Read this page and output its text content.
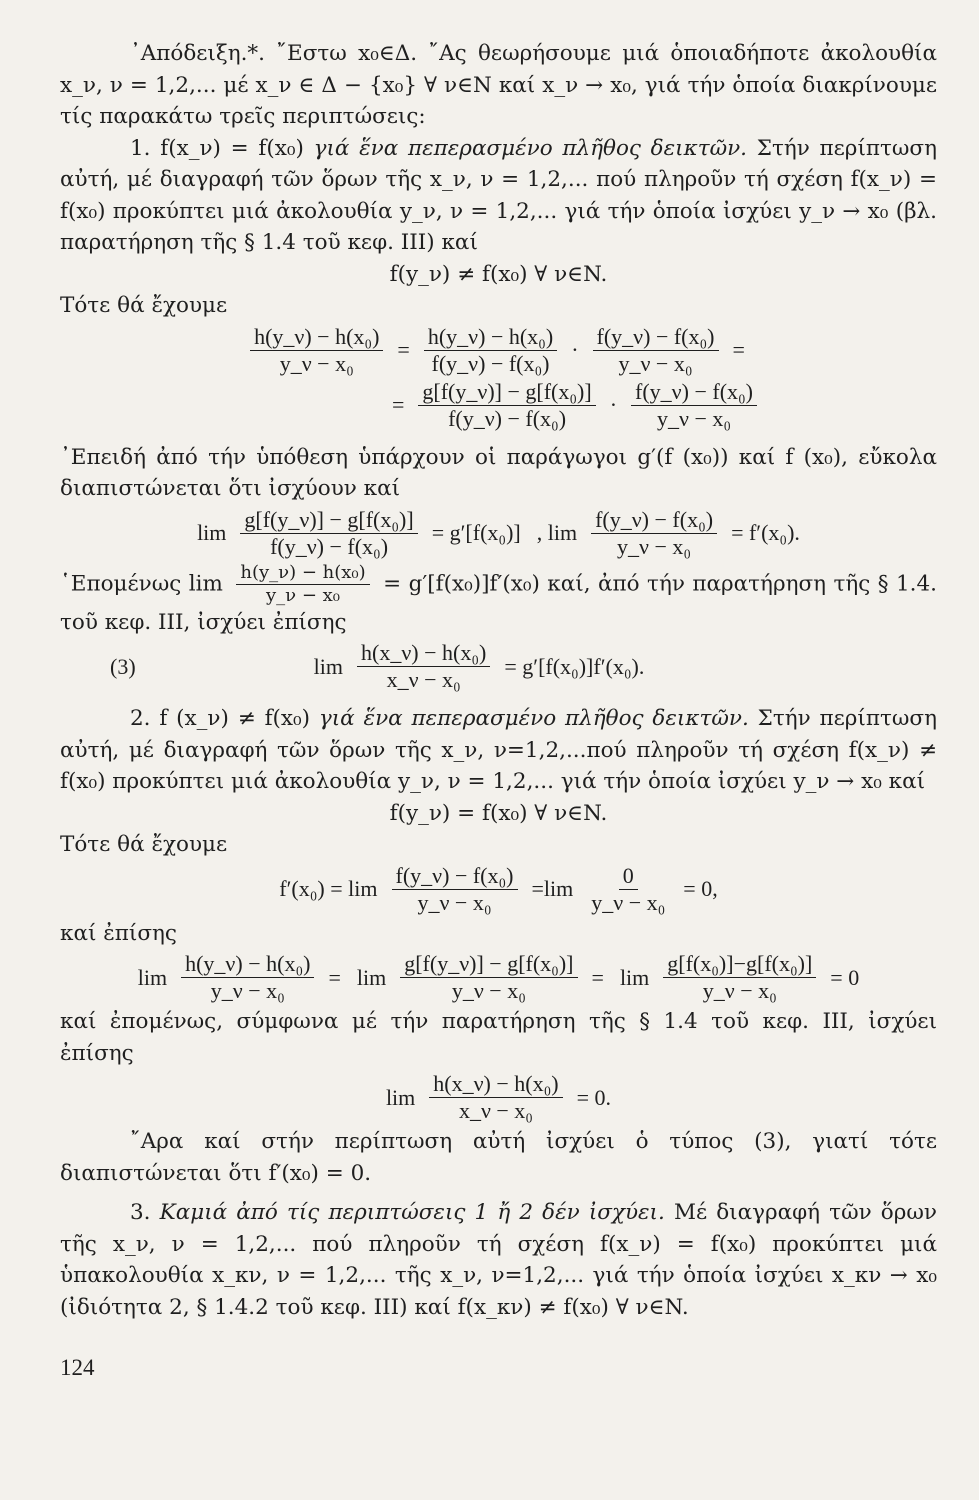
᾿Απόδειξη.*. ῎Εστω x₀∈Δ. ῎Ας θεωρήσουμε μιά ὁποιαδήποτε ἀκολουθία x_ν, ν = 1,2,... μέ x_ν ∈ Δ − {x₀} ∀ ν∈N καί x_ν → x₀, γιά τήν ὁποία διακρίνουμε τίς παρακάτω τρεῖς περιπτώσεις:

1. f(x_ν) = f(x₀) γιά ἕνα πεπερασμένο πλῆθος δεικτῶν. Στήν περίπτωση αὐτή, μέ διαγραφή τῶν ὅρων τῆς x_ν, ν = 1,2,... πού πληροῦν τή σχέση f(x_ν) = f(x₀) προκύπτει μιά ἀκολουθία y_ν, ν = 1,2,... γιά τήν ὁποία ἰσχύει y_ν → x₀ (βλ. παρατήρηση τῆς § 1.4 τοῦ κεφ. III) καί

f(y_ν) ≠ f(x₀) ∀ ν∈N.

Τότε θά ἔχουμε

$\frac{\text{h(y\_ν) − h(x₀)}}{\text{y\_ν − x₀}} = \frac{\text{h(y\_ν) − h(x₀)}}{\text{f(y\_ν) − f(x₀)}} \cdot \frac{\text{f(y\_ν) − f(x₀)}}{\text{y\_ν − x₀}}$ =
= $\frac{\text{g[f(y\_ν)] − g[f(x₀)]}}{\text{f(y\_ν) − f(x₀)}} \cdot \frac{\text{f(y\_ν) − f(x₀)}}{\text{y\_ν − x₀}}$

᾿Επειδή ἀπό τήν ὑπόθεση ὑπάρχουν οἱ παράγωγοι g′(f (x₀)) καί f (x₀), εὔκολα διαπιστώνεται ὅτι ἰσχύουν καί

$\lim \frac{\text{g[f(y\_ν)] − g[f(x₀)]}}{\text{f(y\_ν) − f(x₀)}} = g'[f(x_0)]$ , $\lim \frac{\text{f(y\_ν) − f(x₀)}}{\text{y\_ν − x₀}} = f'(x_0)$.

῾Επομένως $\lim \frac{\text{h(y\_ν) − h(x₀)}}{\text{y\_ν − x₀}} = g'[f(x_0)]f'(x_0)$ καί, ἀπό τήν παρατήρηση τῆς § 1.4. τοῦ κεφ. III, ἰσχύει ἐπίσης

(3)	$\lim \frac{\text{h(x\_ν) − h(x₀)}}{\text{x\_ν − x₀}} = g'[f(x_0)]f'(x_0)$.

2. f (x_ν) ≠ f(x₀) γιά ἕνα πεπερασμένο πλῆθος δεικτῶν. Στήν περίπτωση αὐτή, μέ διαγραφή τῶν ὅρων τῆς x_ν, ν=1,2,...πού πληροῦν τή σχέση f(x_ν) ≠ f(x₀) προκύπτει μιά ἀκολουθία y_ν, ν = 1,2,... γιά τήν ὁποία ἰσχύει y_ν → x₀ καί

f(y_ν) = f(x₀) ∀ ν∈N.

Τότε θά ἔχουμε

$f'(x_0) = \lim \frac{\text{f(y\_ν) − f(x₀)}}{\text{y\_ν − x₀}} =\lim \frac{0}{\text{y\_ν − x₀}} = 0$,

καί ἐπίσης

$\lim \frac{\text{h(y\_ν) − h(x₀)}}{\text{y\_ν − x₀}} = \lim \frac{\text{g[f(y\_ν)] − g[f(x₀)]}}{\text{y\_ν − x₀}} = \lim \frac{\text{g[f(x₀)]−g[f(x₀)]}}{\text{y\_ν − x₀}} = 0$

καί ἐπομένως, σύμφωνα μέ τήν παρατήρηση τῆς § 1.4 τοῦ κεφ. III, ἰσχύει ἐπίσης

$\lim \frac{\text{h(x\_ν) − h(x₀)}}{\text{x\_ν − x₀}} = 0$.

῎Αρα καί στήν περίπτωση αὐτή ἰσχύει ὁ τύπος (3), γιατί τότε διαπιστώνεται ὅτι f′(x₀) = 0.

3. Καμιά ἀπό τίς περιπτώσεις 1 ἤ 2 δέν ἰσχύει. Μέ διαγραφή τῶν ὅρων τῆς x_ν, ν = 1,2,... πού πληροῦν τή σχέση f(x_ν) = f(x₀) προκύπτει μιά ὑπακολουθία x_κν, ν = 1,2,... τῆς x_ν, ν=1,2,... γιά τήν ὁποία ἰσχύει x_κν → x₀ (ἰδιότητα 2, § 1.4.2 τοῦ κεφ. III) καί f(x_κν) ≠ f(x₀) ∀ ν∈N.

124
